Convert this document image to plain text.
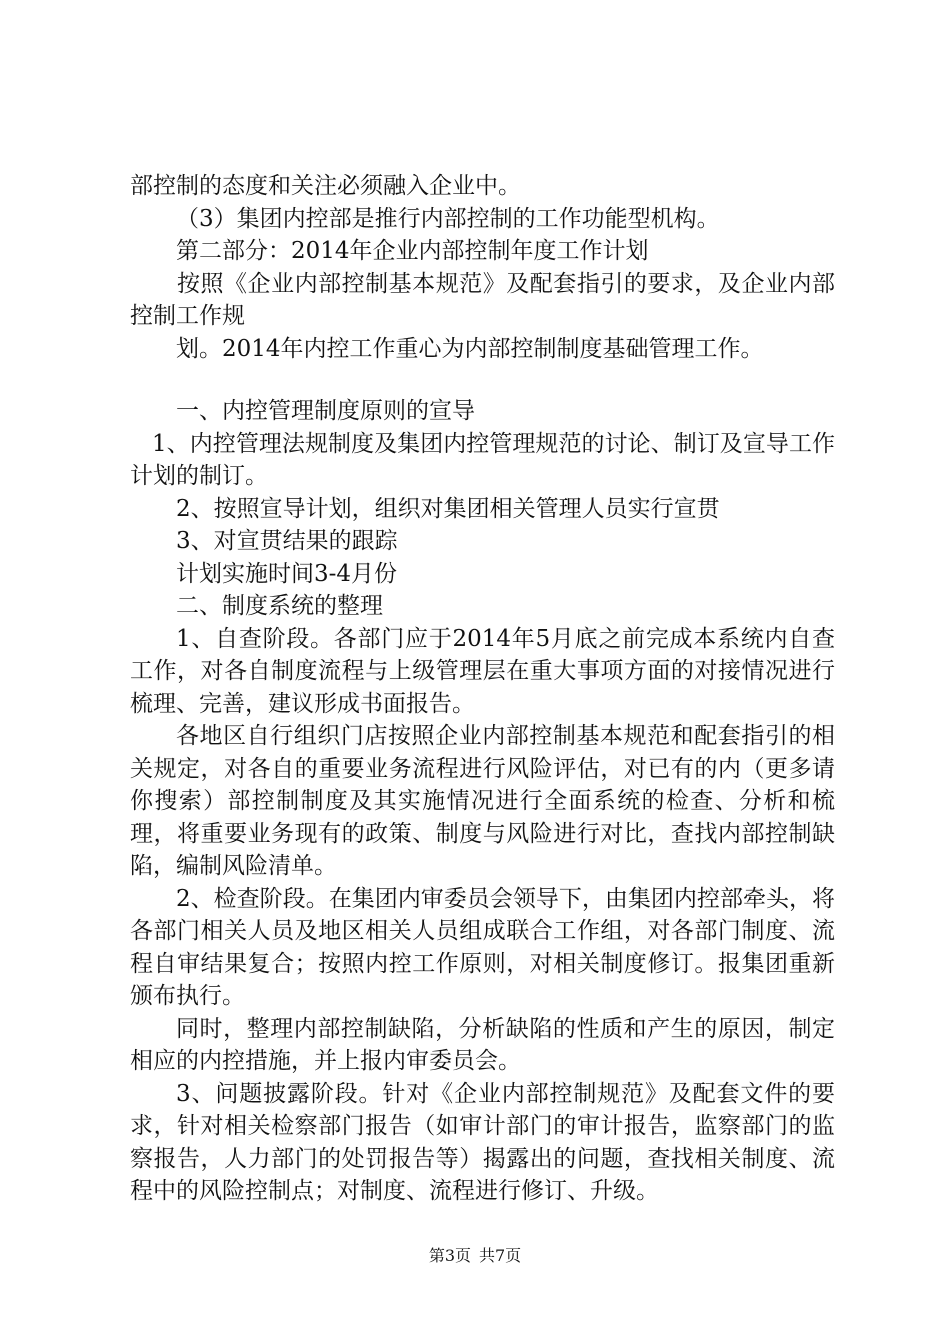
部控制的态度和关注必须融入企业中。

（3）集团内控部是推行内部控制的工作功能型机构。

第二部分：2014年企业内部控制年度工作计划

按照《企业内部控制基本规范》及配套指引的要求，及企业内部控制工作规

划。2014年内控工作重心为内部控制制度基础管理工作。

一、内控管理制度原则的宣导

1、内控管理法规制度及集团内控管理规范的讨论、制订及宣导工作计划的制订。

2、按照宣导计划，组织对集团相关管理人员实行宣贯

3、对宣贯结果的跟踪

计划实施时间3-4月份

二、制度系统的整理

1、自查阶段。各部门应于2014年5月底之前完成本系统内自查工作，对各自制度流程与上级管理层在重大事项方面的对接情况进行梳理、完善，建议形成书面报告。

各地区自行组织门店按照企业内部控制基本规范和配套指引的相关规定，对各自的重要业务流程进行风险评估，对已有的内（更多请你搜索）部控制制度及其实施情况进行全面系统的检查、分析和梳理，将重要业务现有的政策、制度与风险进行对比，查找内部控制缺陷，编制风险清单。

2、检查阶段。在集团内审委员会领导下，由集团内控部牵头，将各部门相关人员及地区相关人员组成联合工作组，对各部门制度、流程自审结果复合；按照内控工作原则，对相关制度修订。报集团重新颁布执行。

同时，整理内部控制缺陷，分析缺陷的性质和产生的原因，制定相应的内控措施，并上报内审委员会。

3、问题披露阶段。针对《企业内部控制规范》及配套文件的要求，针对相关检察部门报告（如审计部门的审计报告，监察部门的监察报告，人力部门的处罚报告等）揭露出的问题，查找相关制度、流程中的风险控制点；对制度、流程进行修订、升级。

第3页 共7页
